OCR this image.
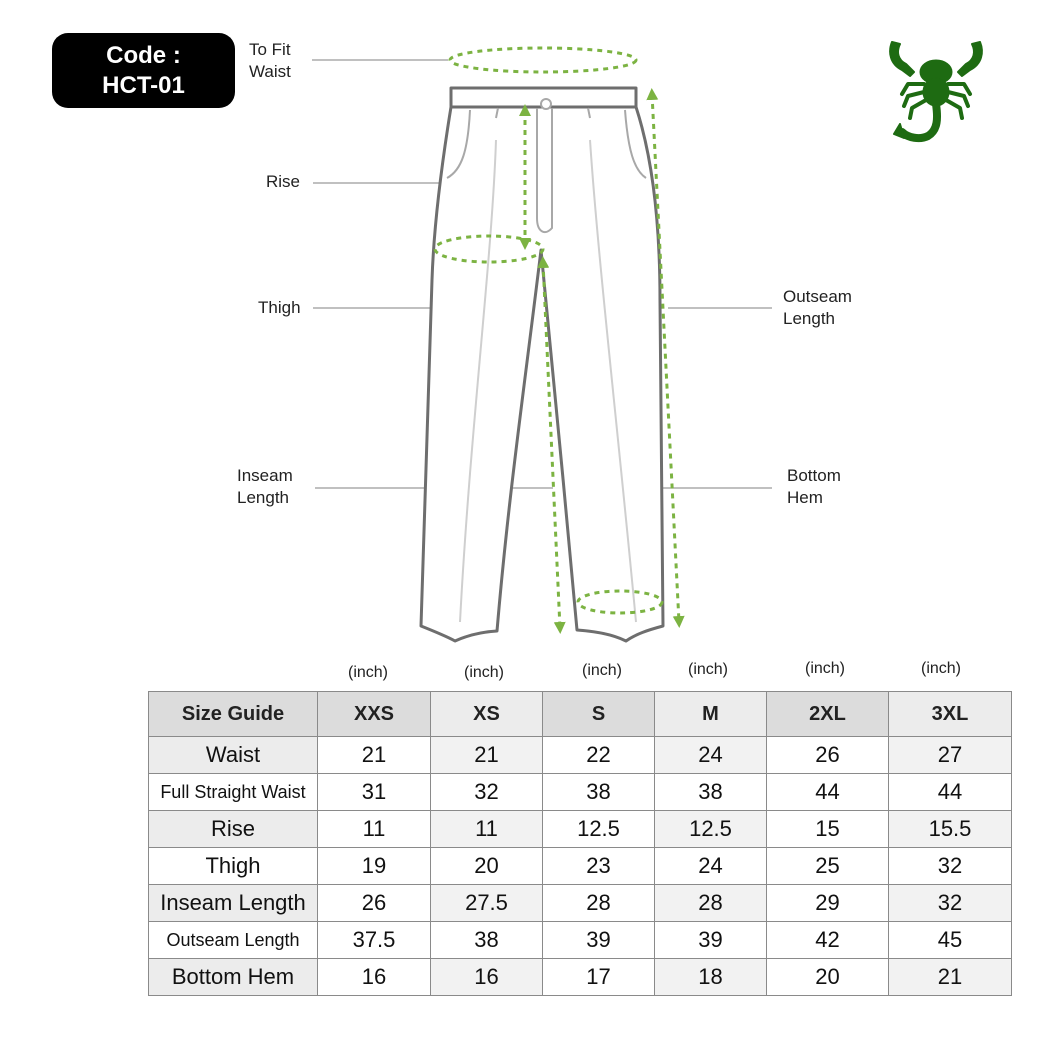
Code :
HCT-01
To Fit
Waist
Rise
Thigh
Outseam
Length
Inseam
Length
Bottom
Hem
(inch)	(inch)	(inch)	(inch)	(inch)	(inch)
Size Guide	XXS	XS	S	M	2XL	3XL
Waist	21	21	22	24	26	27
Full Straight Waist	31	32	38	38	44	44
Rise	11	11	12.5	12.5	15	15.5
Thigh	19	20	23	24	25	32
Inseam Length	26	27.5	28	28	29	32
Outseam Length	37.5	38	39	39	42	45
Bottom Hem	16	16	17	18	20	21
